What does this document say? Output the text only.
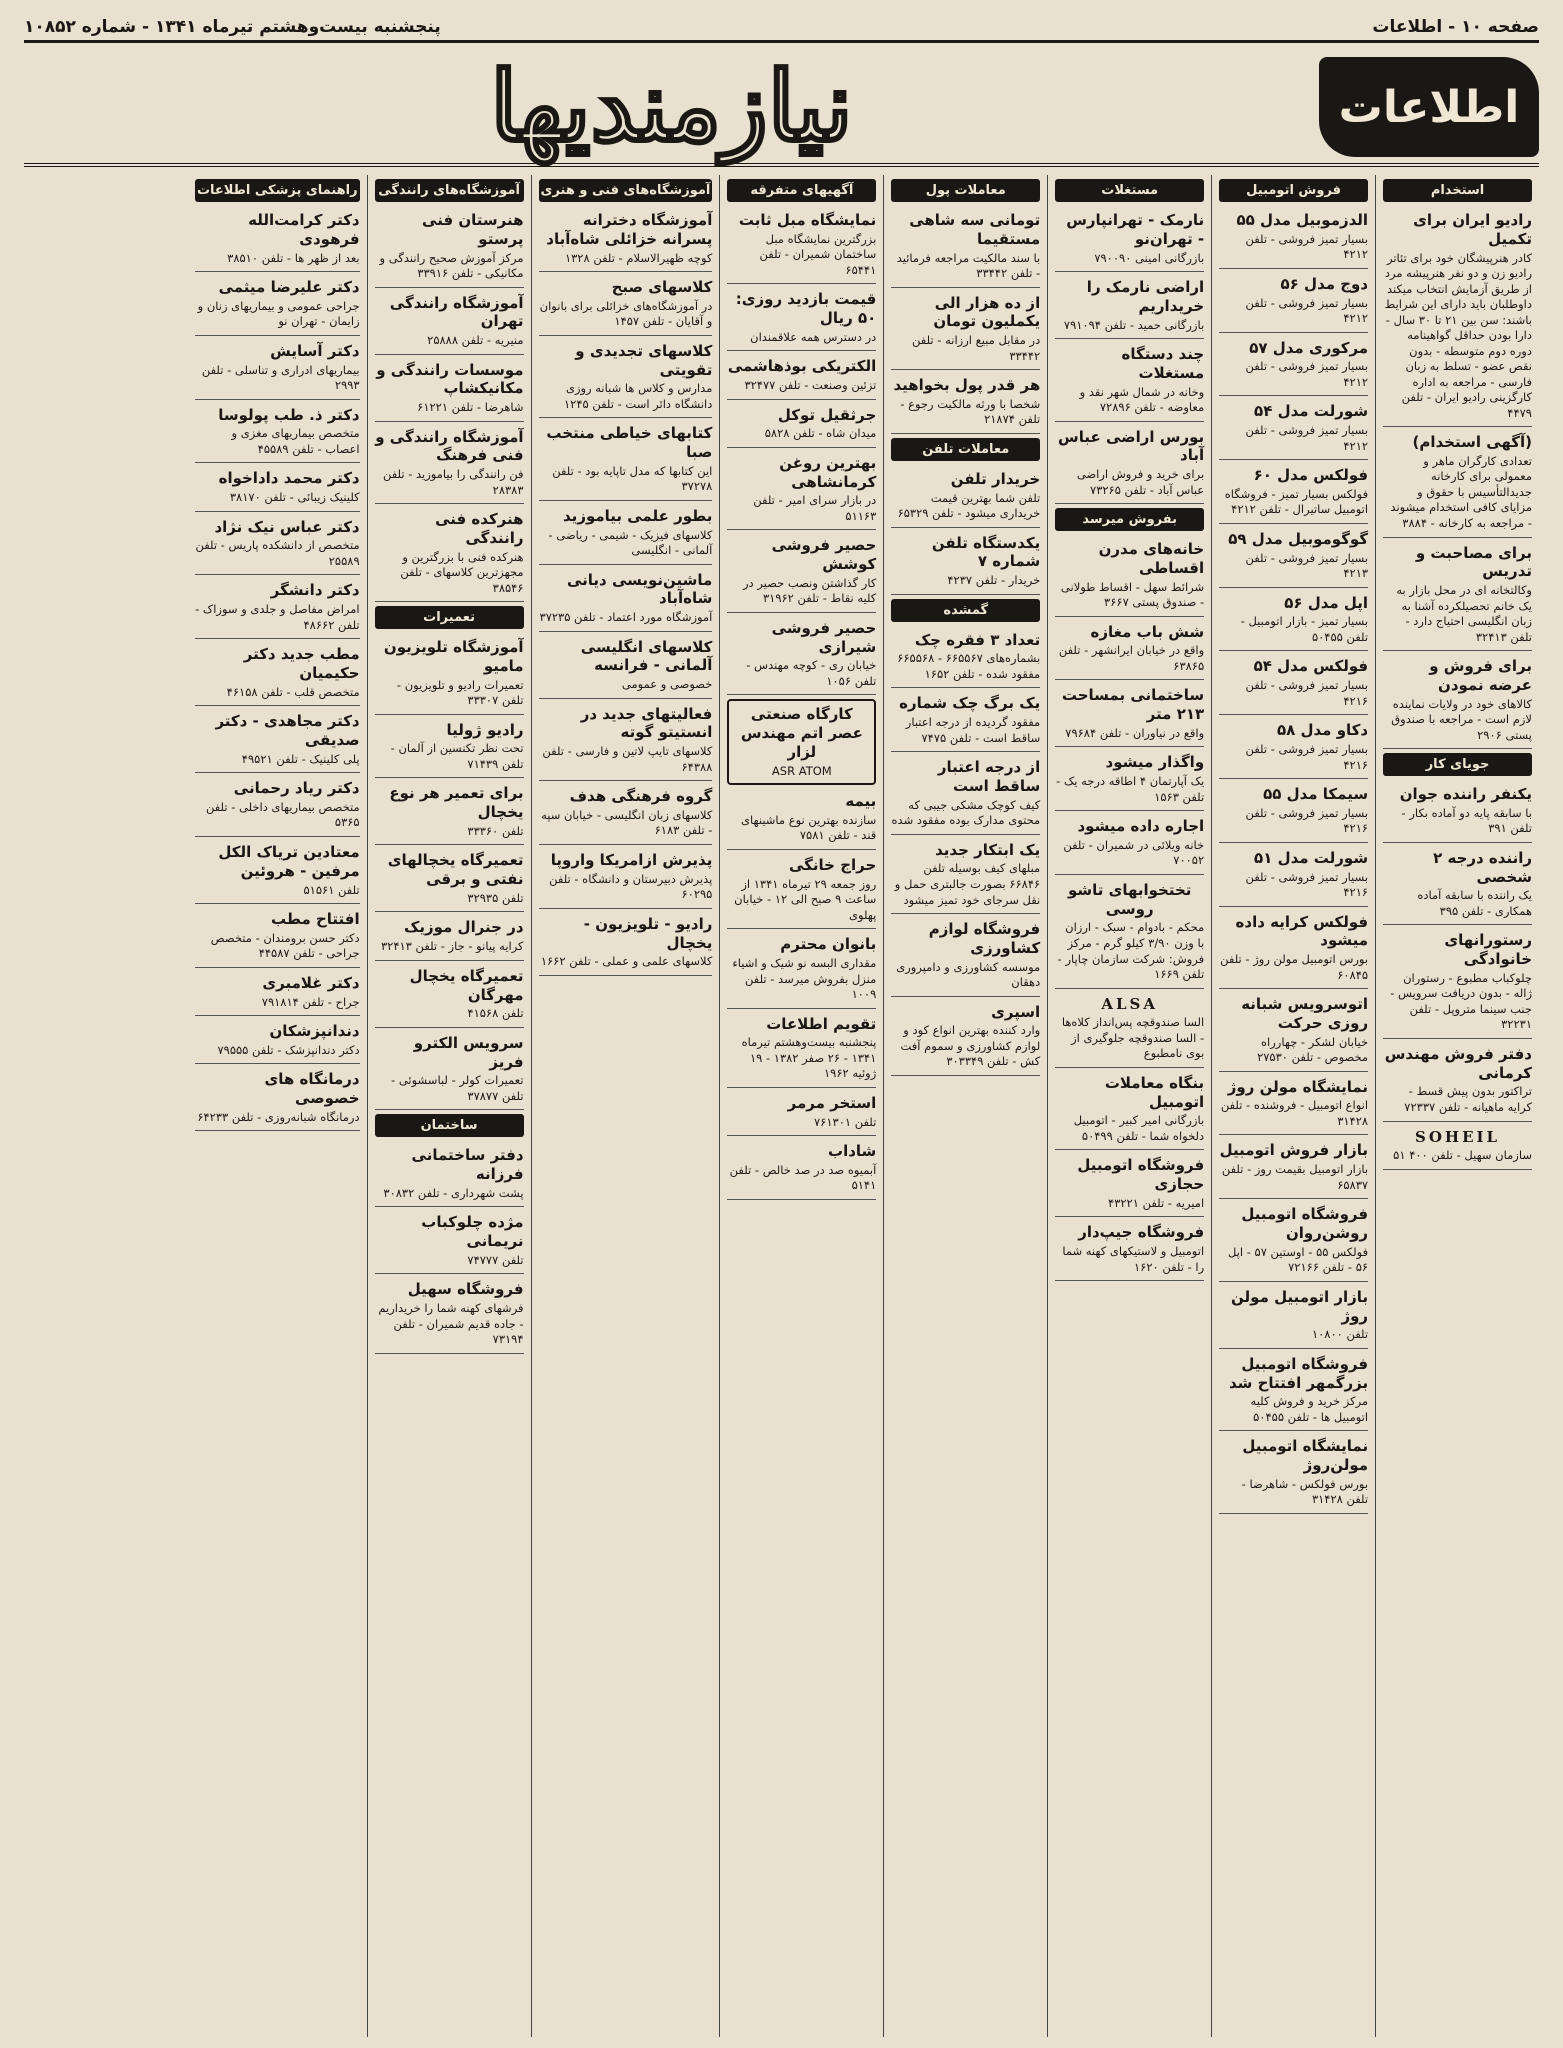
صفحه ۱۰ - اطلاعات
پنجشنبه بیست‌وهشتم تیرماه ۱۳۴۱ - شماره ۱۰۸۵۲
اطلاعات
نیازمندیها
استخدام
رادیو ایران برای تکمیل

کادر هنرپیشگان خود برای تئاتر رادیو زن و دو نفر هنرپیشه مرد از طریق آزمایش انتخاب میکند داوطلبان باید دارای این شرایط باشند: سن بین ۲۱ تا ۳۰ سال - دارا بودن حداقل گواهینامه دوره دوم متوسطه - بدون نقص عضو - تسلط به زبان فارسی - مراجعه به اداره کارگزینی رادیو ایران - تلفن ۴۴۷۹

(آگهی استخدام)

تعدادی کارگران ماهر و معمولی برای کارخانه جدیدالتأسیس با حقوق و مزایای کافی استخدام میشوند - مراجعه به کارخانه - ۳۸۸۴

برای مصاحبت و تدریس

وکالتخانه ای در محل بازار به یک خانم تحصیلکرده آشنا به زبان انگلیسی احتیاج دارد - تلفن ۳۲۴۱۳

برای فروش و عرضه نمودن

کالاهای خود در ولایات نماینده لازم است - مراجعه با صندوق پستی ۲۹۰۶

جویای کار
یکنفر راننده جوان

با سابقه پایه دو آماده بکار - تلفن ۳۹۱

راننده درجه ۲ شخصی

یک راننده با سابقه آماده همکاری - تلفن ۳۹۵

رستورانهای خانوادگی

چلوکباب مطبوع - رستوران ژاله - بدون دریافت سرویس - جنب سینما متروپل - تلفن ۳۲۲۳۱

دفتر فروش مهندس کرمانی

تراکتور بدون پیش قسط - کرایه ماهیانه - تلفن ۷۲۳۳۷

SOHEIL

سازمان سهیل - تلفن ۴۰۰ ۵۱

فروش اتومبیل
الدزموبیل مدل ۵۵

بسیار تمیز فروشی - تلفن ۴۲۱۲

دوج مدل ۵۶

بسیار تمیز فروشی - تلفن ۴۲۱۲

مرکوری مدل ۵۷

بسیار تمیز فروشی - تلفن ۴۲۱۲

شورلت مدل ۵۴

بسیار تمیز فروشی - تلفن ۴۲۱۲

فولکس مدل ۶۰

فولکس بسیار تمیز - فروشگاه اتومبیل ساتیرال - تلفن ۴۲۱۲

گوگوموبیل مدل ۵۹

بسیار تمیز فروشی - تلفن ۴۲۱۳

اپل مدل ۵۶

بسیار تمیز - بازار اتومبیل - تلفن ۵۰۴۵۵

فولکس مدل ۵۴

بسیار تمیز فروشی - تلفن ۴۲۱۶

دکاو مدل ۵۸

بسیار تمیز فروشی - تلفن ۴۲۱۶

سیمکا مدل ۵۵

بسیار تمیز فروشی - تلفن ۴۲۱۶

شورلت مدل ۵۱

بسیار تمیز فروشی - تلفن ۴۲۱۶

فولکس کرایه داده میشود

بورس اتومبیل مولن روژ - تلفن ۶۰۸۴۵

اتوسرویس شبانه روزی حرکت

خیابان لشکر - چهارراه مخصوص - تلفن ۲۷۵۳۰

نمایشگاه مولن روژ

انواع اتومبیل - فروشنده - تلفن ۳۱۴۲۸

بازار فروش اتومبیل

بازار اتومبیل بقیمت روز - تلفن ۶۵۸۳۷

فروشگاه اتومبیل روشن‌روان

فولکس ۵۵ - اوستین ۵۷ - اپل ۵۶ - تلفن ۷۲۱۶۶

بازار اتومبیل مولن روژ

تلفن ۱۰۸۰۰

فروشگاه اتومبیل بزرگمهر افتتاح شد

مرکز خرید و فروش کلیه اتومبیل ها - تلفن ۵۰۴۵۵

نمایشگاه اتومبیل مولن‌روژ

بورس فولکس - شاهرضا - تلفن ۳۱۴۲۸

مستغلات
نارمک - تهرانپارس - تهران‌نو

بازرگانی امینی ۷۹۰۰۹۰

اراضی نارمک را خریداریم

بازرگانی حمید - تلفن ۷۹۱۰۹۴

چند دستگاه مستغلات

وخانه در شمال شهر نقد و معاوضه - تلفن ۷۲۸۹۶

بورس اراضی عباس آباد

برای خرید و فروش اراضی عباس آباد - تلفن ۷۳۲۶۵

بفروش میرسد
خانه‌های مدرن اقساطی

شرائط سهل - اقساط طولانی - صندوق پستی ۳۶۶۷

شش باب مغازه

واقع در خیابان ایرانشهر - تلفن ۶۳۸۶۵

ساختمانی بمساحت ۲۱۳ متر

واقع در نیاوران - تلفن ۷۹۶۸۴

واگذار میشود

یک آپارتمان ۴ اطاقه درجه یک - تلفن ۱۵۶۳

اجاره داده میشود

خانه ویلائی در شمیران - تلفن ۷۰۰۵۲

تختخوابهای تاشو روسی

محکم - بادوام - سبک - ارزان با وزن ۳/۹۰ کیلو گرم - مرکز فروش: شرکت سازمان چاپار - تلفن ۱۶۶۹

ALSA

السا صندوقچه پس‌انداز کلاه‌ها - السا صندوقچه جلوگیری از بوی نامطبوع

بنگاه معاملات اتومبیل

بازرگانی امیر کبیر - اتومبیل دلخواه شما - تلفن ۵۰۴۹۹

فروشگاه اتومبیل حجازی

امیریه - تلفن ۴۳۲۲۱

فروشگاه جیپ‌دار

اتومبیل و لاستیکهای کهنه شما را - تلفن ۱۶۲۰

معاملات پول
تومانی سه شاهی مستقیما

با سند مالکیت مراجعه فرمائید - تلفن ۳۳۴۴۲

از ده هزار الی یکملیون تومان

در مقابل مبیع ارزانه - تلفن ۳۳۴۴۲

هر قدر پول بخواهید

شخصا با ورثه مالکیت رجوع - تلفن ۲۱۸۷۴

معاملات تلفن
خریدار تلفن

تلفن شما بهترین قیمت خریداری میشود - تلفن ۶۵۳۲۹

یکدستگاه تلفن شماره ۷

خریدار - تلفن ۴۲۳۷

گمشده
تعداد ۳ فقره چک

بشماره‌های ۶۶۵۵۶۷ - ۶۶۵۵۶۸ مفقود شده - تلفن ۱۶۵۲

یک برگ چک شماره

مفقود گردیده از درجه اعتبار ساقط است - تلفن ۷۴۷۵

از درجه اعتبار ساقط است

کیف کوچک مشکی جیبی که محتوی مدارک بوده مفقود شده

یک ابتکار جدید

مبلهای کیف بوسیله تلفن ۶۶۸۴۶ بصورت جالبتری حمل و نقل سرجای خود تمیز میشود

فروشگاه لوازم کشاورزی

موسسه کشاورزی و دامپروری دهقان

اسپری

وارد کننده بهترین انواع کود و لوازم کشاورزی و سموم آفت کش - تلفن ۳۰۳۳۴۹

آگهیهای متفرقه
نمایشگاه مبل ثابت

بزرگترین نمایشگاه مبل ساختمان شمیران - تلفن ۶۵۴۴۱

قیمت بازدید روزی: ۵۰ ریال

در دسترس همه علاقمندان

الکتریکی بوذهاشمی

تزئین وصنعت - تلفن ۳۲۴۷۷

جرثقیل توکل

میدان شاه - تلفن ۵۸۲۸

بهترین روغن کرمانشاهی

در بازار سرای امیر - تلفن ۵۱۱۶۳

حصیر فروشی کوشش

کار گذاشتن ونصب حصیر در کلیه نقاط - تلفن ۳۱۹۶۲

حصیر فروشی شیرازی

خیابان ری - کوچه مهندس - تلفن ۱۰۵۶

کارگاه صنعتی عصر اتم مهندس لزار

ASR ATOM

بیمه

سازنده بهترین نوع ماشینهای قند - تلفن ۷۵۸۱

حراج خانگی

روز جمعه ۲۹ تیرماه ۱۳۴۱ از ساعت ۹ صبح الی ۱۲ - خیابان پهلوی

بانوان محترم

مقداری البسه نو شیک و اشیاء منزل بفروش میرسد - تلفن ۱۰۰۹

تقویم اطلاعات

پنجشنبه بیست‌وهشتم تیرماه ۱۳۴۱ - ۲۶ صفر ۱۳۸۲ - ۱۹ ژوئیه ۱۹۶۲

استخر مرمر

تلفن ۷۶۱۳۰۱

شاداب

آبمیوه صد در صد خالص - تلفن ۵۱۴۱

آموزشگاه‌های فنی و هنری
آموزشگاه دخترانه پسرانه خزائلی شاه‌آباد

کوچه ظهیرالاسلام - تلفن ۱۳۲۸

کلاسهای صبح

در آموزشگاه‌های خزائلی برای بانوان و آقایان - تلفن ۱۴۵۷

کلاسهای تجدیدی و تقویتی

مدارس و کلاس ها شبانه‌ روزی دانشگاه دائر است - تلفن ۱۲۴۵

کتابهای خیاطی منتخب صبا

این کتابها که مدل تاپایه بود - تلفن ۳۷۲۷۸

بطور علمی بیاموزید

کلاسهای فیزیک - شیمی - ریاضی - آلمانی - انگلیسی

ماشین‌نویسی دیانی شاه‌آباد

آموزشگاه مورد اعتماد - تلفن ۳۷۲۳۵

کلاسهای انگلیسی آلمانی - فرانسه

خصوصی و عمومی

فعالیتهای جدید در انستیتو گوته

کلاسهای تایپ لاتین و فارسی - تلفن ۶۴۳۸۸

گروه فرهنگی هدف

کلاسهای زبان انگلیسی - خیابان سپه - تلفن ۶۱۸۳

پذیرش ازامریکا واروپا

پذیرش دبیرستان و دانشگاه - تلفن ۶۰۲۹۵

رادیو - تلویزیون - یخچال

کلاسهای علمی و عملی - تلفن ۱۶۶۲

آموزشگاه‌های رانندگی
هنرستان فنی پرستو

مرکز آموزش صحیح رانندگی و مکانیکی - تلفن ۳۳۹۱۶

آموزشگاه رانندگی تهران

منیریه - تلفن ۲۵۸۸۸

موسسات رانندگی و مکانیکشاپ

شاهرضا - تلفن ۶۱۲۲۱

آموزشگاه رانندگی و فنی فرهنگ

فن رانندگی را بیاموزید - تلفن ۲۸۳۸۳

هنرکده فنی رانندگی

هنرکده فنی با بزرگترین و مجهزترین کلاسهای - تلفن ۳۸۵۴۶

تعمیرات
آموزشگاه تلویزیون مامیو

تعمیرات رادیو و تلویزیون - تلفن ۳۳۳۰۷

رادیو ژولیا

تحت نظر تکنسین از آلمان - تلفن ۷۱۴۳۹

برای تعمیر هر نوع یخچال

تلفن ۳۳۳۶۰

تعمیرگاه یخچالهای نفتی و برقی

تلفن ۳۲۹۳۵

در جنرال موزیک

کرایه پیانو - جاز - تلفن ۳۲۴۱۳

تعمیرگاه یخچال مهرگان

تلفن ۴۱۵۶۸

سرویس الکترو فریز

تعمیرات کولر - لباسشوئی - تلفن ۳۷۸۷۷

ساختمان
دفتر ساختمانی فرزانه

پشت شهرداری - تلفن ۳۰۸۳۲

مژده چلوکباب نریمانی

تلفن ۷۴۷۷۷

فروشگاه سهیل

فرشهای کهنه شما را خریداریم - جاده قدیم شمیران - تلفن ۷۳۱۹۴

راهنمای پزشکی اطلاعات
دکتر کرامت‌الله فرهودی

بعد از ظهر ها - تلفن ۳۸۵۱۰

دکتر علیرضا میثمی

جراحی عمومی و بیماریهای زنان و زایمان - تهران نو

دکتر آسایش

بیماریهای ادراری و تناسلی - تلفن ۲۹۹۳

دکتر ذ. طب پولوسا

متخصص بیماریهای مغزی و اعصاب - تلفن ۴۵۵۸۹

دکتر محمد داداخواه

کلینیک زیبائی - تلفن ۳۸۱۷۰

دکتر عباس نیک نژاد

متخصص از دانشکده پاریس - تلفن ۲۵۵۸۹

دکتر دانشگر

امراض مفاصل و جلدی و سوزاک - تلفن ۴۸۶۶۲

مطب جدید دکتر حکیمیان

متخصص قلب - تلفن ۴۶۱۵۸

دکتر مجاهدی - دکتر صدیقی

پلی کلینیک - تلفن ۴۹۵۲۱

دکتر ریاد رحمانی

متخصص بیماریهای داخلی - تلفن ۵۳۶۵

معتادین تریاک الکل مرفین - هروئین

تلفن ۵۱۵۶۱

افتتاح مطب

دکتر حسن برومندان - متخصص جراحی - تلفن ۴۴۵۸۷

دکتر غلامبری

جراح - تلفن ۷۹۱۸۱۴

دندانپزشکان

دکتر دندانپزشک - تلفن ۷۹۵۵۵

درمانگاه های خصوصی

درمانگاه شبانه‌روزی - تلفن ۶۴۲۳۳
